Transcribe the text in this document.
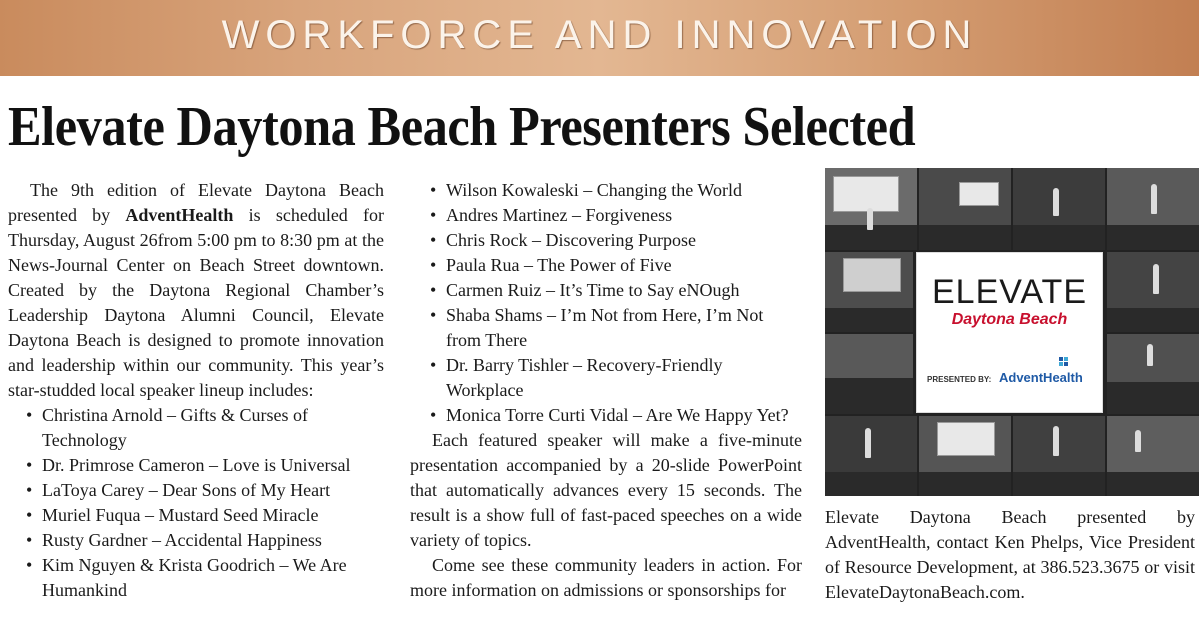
WORKFORCE AND INNOVATION
Elevate Daytona Beach Presenters Selected

The 9th edition of Elevate Daytona Beach presented by AdventHealth is scheduled for Thursday, August 26from 5:00 pm to 8:30 pm at the News-Journal Center on Beach Street downtown. Created by the Daytona Regional Chamber’s Leadership Daytona Alumni Council, Elevate Daytona Beach is designed to promote innovation and leadership within our community. This year’s star-studded local speaker lineup includes:

• Christina Arnold – Gifts & Curses of Technology
• Dr. Primrose Cameron – Love is Universal
• LaToya Carey – Dear Sons of My Heart
• Muriel Fuqua – Mustard Seed Miracle
• Rusty Gardner – Accidental Happiness
• Kim Nguyen & Krista Goodrich – We Are Humankind
• Wilson Kowaleski – Changing the World
• Andres Martinez – Forgiveness
• Chris Rock – Discovering Purpose
• Paula Rua – The Power of Five
• Carmen Ruiz – It’s Time to Say eNOugh
• Shaba Shams – I’m Not from Here, I’m Not from There
• Dr. Barry Tishler – Recovery-Friendly Workplace
• Monica Torre Curti Vidal – Are We Happy Yet?

Each featured speaker will make a five-minute presentation accompanied by a 20-slide PowerPoint that automatically advances every 15 seconds. The result is a show full of fast-paced speeches on a wide variety of topics.

Come see these community leaders in action. For more information on admissions or sponsorships for

ELEVATE
Daytona Beach
PRESENTED BY: AdventHealth

Elevate Daytona Beach presented by AdventHealth, contact Ken Phelps, Vice President of Resource Development, at 386.523.3675 or visit ElevateDaytonaBeach.com.
